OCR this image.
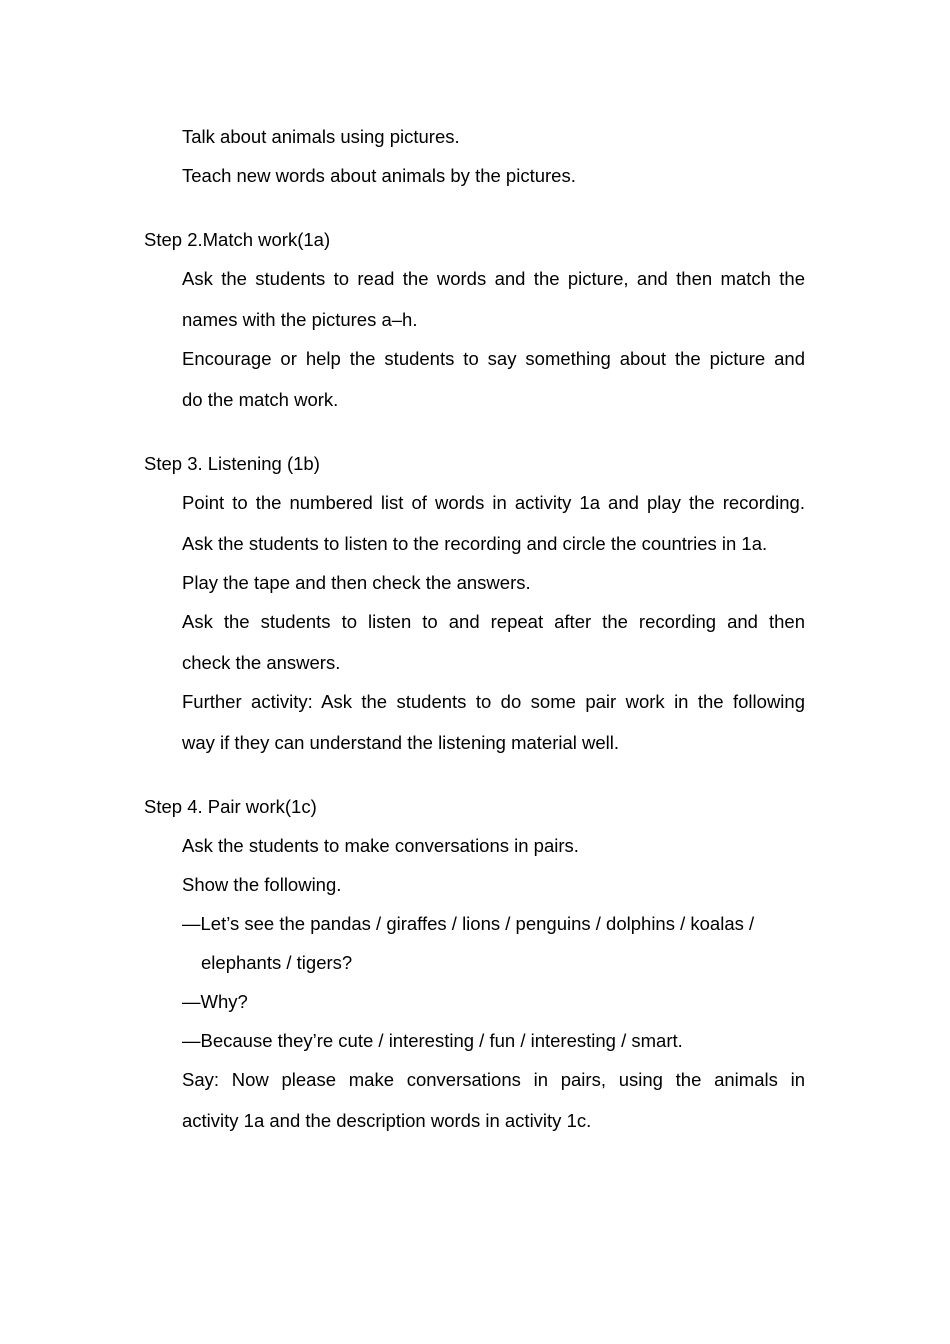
Talk about animals using pictures.
Teach new words about animals by the pictures.
Step 2.Match work(1a)
Ask the students to read the words and the picture, and then match the
names with the pictures a–h.
Encourage or help the students to say something about the picture and
do the match work.
Step 3. Listening (1b)
Point to the numbered list of words in activity 1a and play the recording.
Ask the students to listen to the recording and circle the countries in 1a.
Play the tape and then check the answers.
Ask the students to listen to and repeat after the recording and then
check the answers.
Further activity: Ask the students to do some pair work in the following
way if they can understand the listening material well.
Step 4. Pair work(1c)
Ask the students to make conversations in pairs.
Show the following.
—Let’s see the pandas / giraffes / lions / penguins / dolphins / koalas /
elephants / tigers?
—Why?
—Because they’re cute / interesting / fun / interesting / smart.
Say: Now please make conversations in pairs, using the animals in
activity 1a and the description words in activity 1c.
